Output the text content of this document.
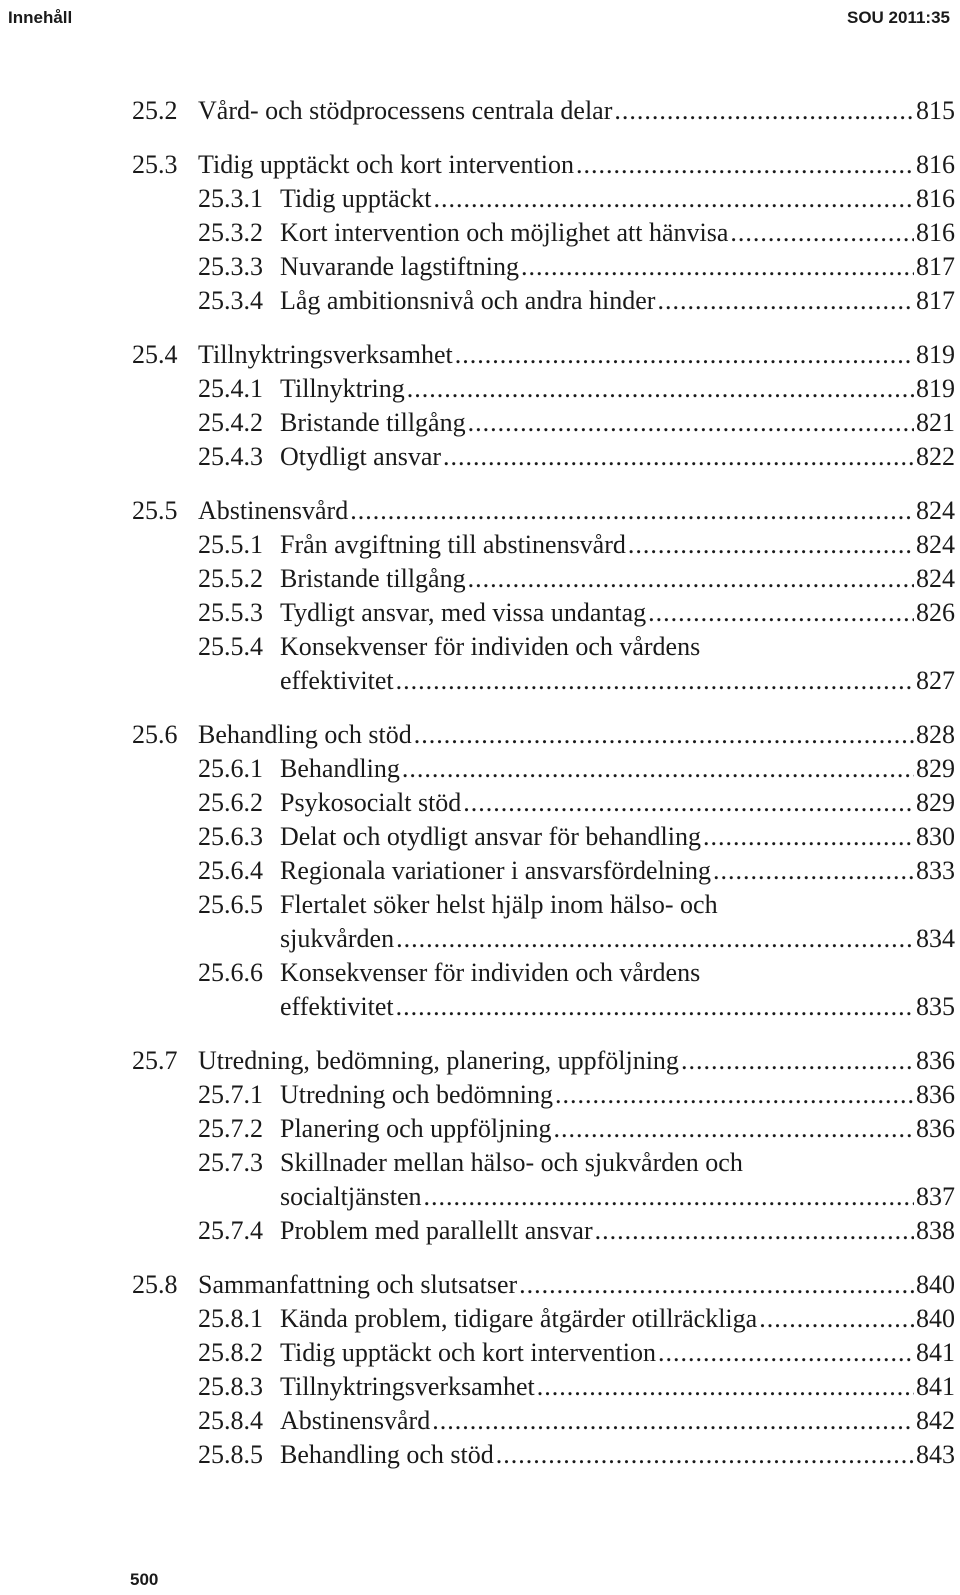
Innehåll	SOU 2011:35
25.2 Vård- och stödprocessens centrala delar .....	815
25.3 Tidig upptäckt och kort intervention .....	816
25.3.1 Tidig upptäckt .....	816
25.3.2 Kort intervention och möjlighet att hänvisa .....	816
25.3.3 Nuvarande lagstiftning .....	817
25.3.4 Låg ambitionsnivå och andra hinder .....	817
25.4 Tillnyktringsverksamhet .....	819
25.4.1 Tillnyktring .....	819
25.4.2 Bristande tillgång .....	821
25.4.3 Otydligt ansvar .....	822
25.5 Abstinensvård .....	824
25.5.1 Från avgiftning till abstinensvård .....	824
25.5.2 Bristande tillgång .....	824
25.5.3 Tydligt ansvar, med vissa undantag .....	826
25.5.4 Konsekvenser för individen och vårdens
effektivitet .....	827
25.6 Behandling och stöd .....	828
25.6.1 Behandling .....	829
25.6.2 Psykosocialt stöd .....	829
25.6.3 Delat och otydligt ansvar för behandling .....	830
25.6.4 Regionala variationer i ansvarsfördelning .....	833
25.6.5 Flertalet söker helst hjälp inom hälso- och
sjukvården .....	834
25.6.6 Konsekvenser för individen och vårdens
effektivitet .....	835
25.7 Utredning, bedömning, planering, uppföljning .....	836
25.7.1 Utredning och bedömning .....	836
25.7.2 Planering och uppföljning .....	836
25.7.3 Skillnader mellan hälso- och sjukvården och
socialtjänsten .....	837
25.7.4 Problem med parallellt ansvar .....	838
25.8 Sammanfattning och slutsatser .....	840
25.8.1 Kända problem, tidigare åtgärder otillräckliga .....	840
25.8.2 Tidig upptäckt och kort intervention .....	841
25.8.3 Tillnyktringsverksamhet .....	841
25.8.4 Abstinensvård .....	842
25.8.5 Behandling och stöd .....	843
500
